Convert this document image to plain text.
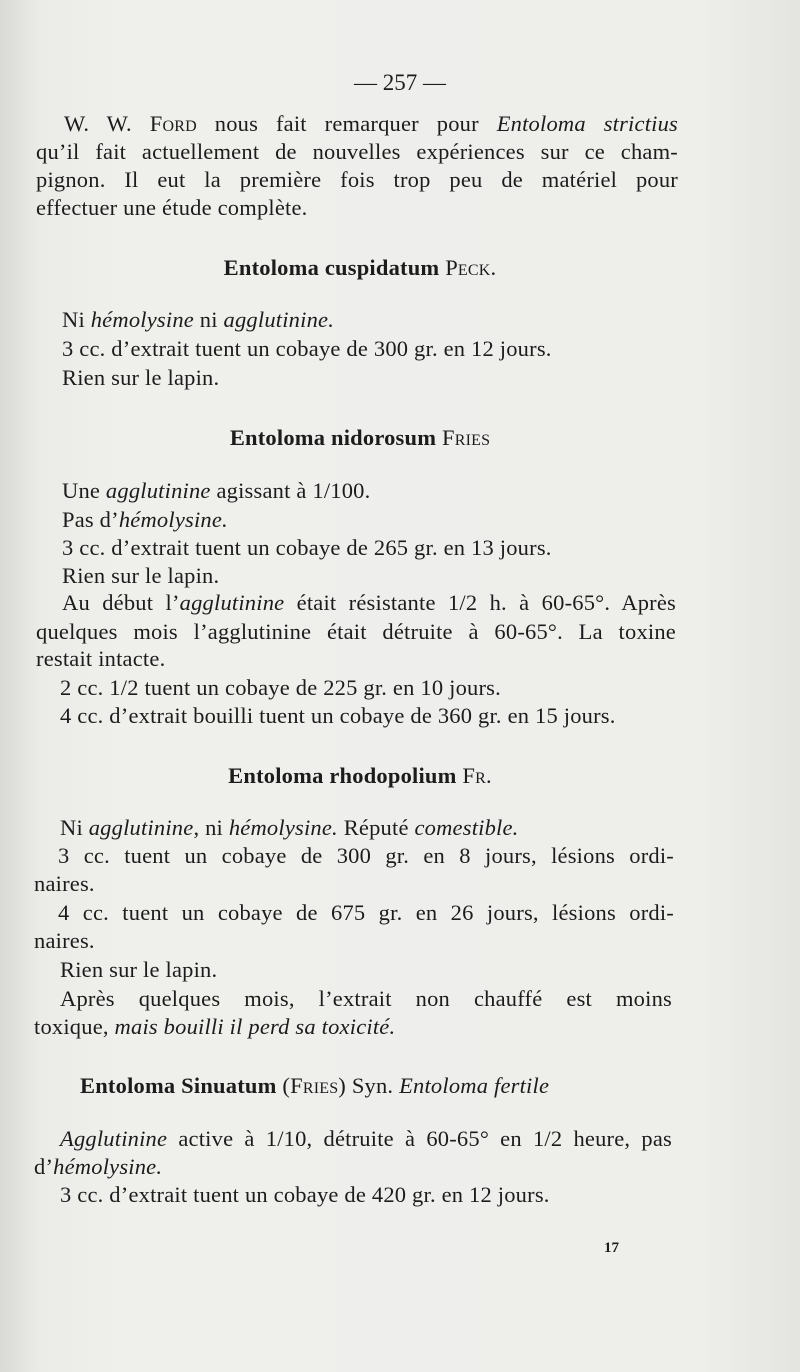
— 257 —
W. W. Ford nous fait remarquer pour Entoloma strictius
qu’il fait actuellement de nouvelles expériences sur ce cham-
pignon. Il eut la première fois trop peu de matériel pour
effectuer une étude complète.
Entoloma cuspidatum Peck.
Ni hémolysine ni agglutinine.
3 cc. d’extrait tuent un cobaye de 300 gr. en 12 jours.
Rien sur le lapin.
Entoloma nidorosum Fries
Une agglutinine agissant à 1/100.
Pas d’hémolysine.
3 cc. d’extrait tuent un cobaye de 265 gr. en 13 jours.
Rien sur le lapin.
Au début l’agglutinine était résistante 1/2 h. à 60-65°. Après
quelques mois l’agglutinine était détruite à 60-65°. La toxine
restait intacte.
2 cc. 1/2 tuent un cobaye de 225 gr. en 10 jours.
4 cc. d’extrait bouilli tuent un cobaye de 360 gr. en 15 jours.
Entoloma rhodopolium Fr.
Ni agglutinine, ni hémolysine. Réputé comestible.
3 cc. tuent un cobaye de 300 gr. en 8 jours, lésions ordi-
naires.
4 cc. tuent un cobaye de 675 gr. en 26 jours, lésions ordi-
naires.
Rien sur le lapin.
Après quelques mois, l’extrait non chauffé est moins
toxique, mais bouilli il perd sa toxicité.
Entoloma Sinuatum (Fries) Syn. Entoloma fertile
Agglutinine active à 1/10, détruite à 60-65° en 1/2 heure, pas
d’hémolysine.
3 cc. d’extrait tuent un cobaye de 420 gr. en 12 jours.
17
